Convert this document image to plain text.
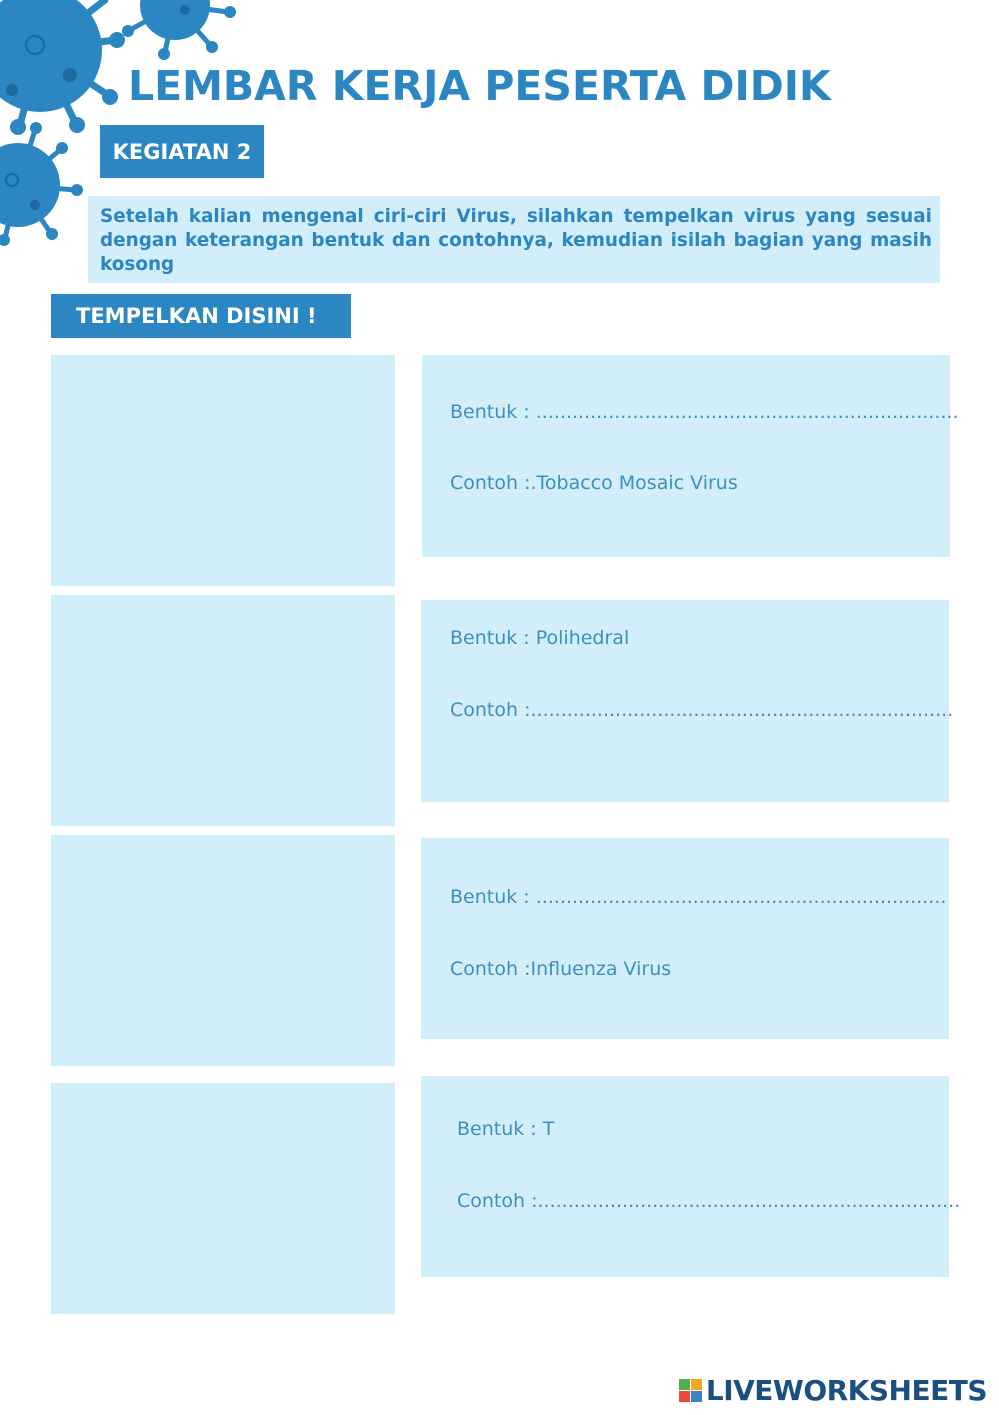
LEMBAR KERJA PESERTA DIDIK
KEGIATAN 2
Setelah kalian mengenal ciri-ciri Virus, silahkan tempelkan virus yang sesuai dengan keterangan bentuk dan contohnya, kemudian isilah bagian yang masih kosong
TEMPELKAN DISINI !
Bentuk : ......................................................................
Contoh :.Tobacco Mosaic Virus
Bentuk : Polihedral
Contoh :......................................................................
Bentuk : ....................................................................
Contoh :Influenza Virus
Bentuk : T
Contoh :......................................................................
LIVEWORKSHEETS
